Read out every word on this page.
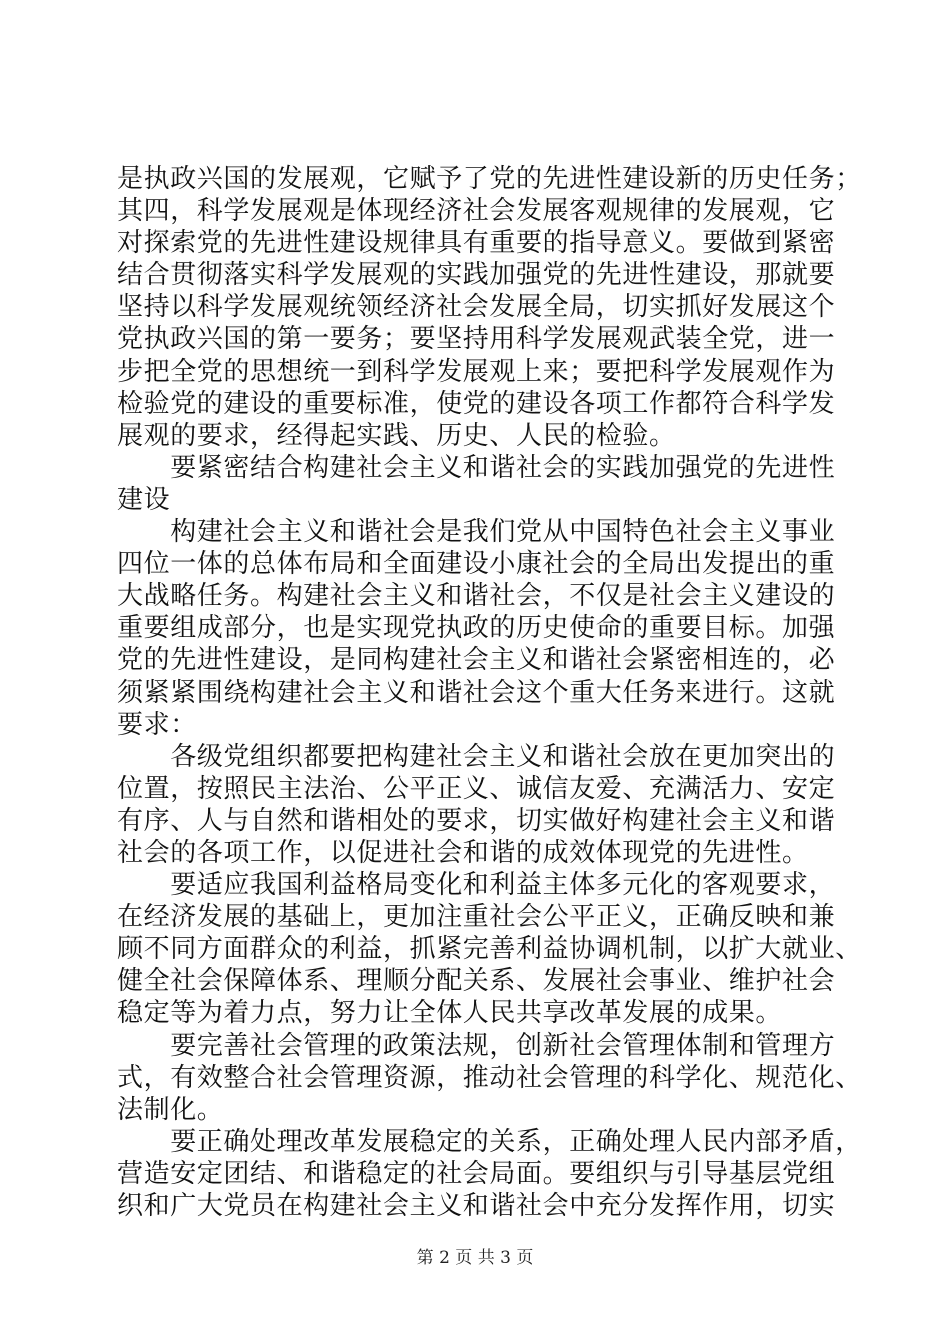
是执政兴国的发展观，它赋予了党的先进性建设新的历史任务；
其四，科学发展观是体现经济社会发展客观规律的发展观，它
对探索党的先进性建设规律具有重要的指导意义。要做到紧密
结合贯彻落实科学发展观的实践加强党的先进性建设，那就要
坚持以科学发展观统领经济社会发展全局，切实抓好发展这个
党执政兴国的第一要务；要坚持用科学发展观武装全党，进一
步把全党的思想统一到科学发展观上来；要把科学发展观作为
检验党的建设的重要标准，使党的建设各项工作都符合科学发
展观的要求，经得起实践、历史、人民的检验。
　　要紧密结合构建社会主义和谐社会的实践加强党的先进性
建设
　　构建社会主义和谐社会是我们党从中国特色社会主义事业
四位一体的总体布局和全面建设小康社会的全局出发提出的重
大战略任务。构建社会主义和谐社会，不仅是社会主义建设的
重要组成部分，也是实现党执政的历史使命的重要目标。加强
党的先进性建设，是同构建社会主义和谐社会紧密相连的，必
须紧紧围绕构建社会主义和谐社会这个重大任务来进行。这就
要求：
　　各级党组织都要把构建社会主义和谐社会放在更加突出的
位置，按照民主法治、公平正义、诚信友爱、充满活力、安定
有序、人与自然和谐相处的要求，切实做好构建社会主义和谐
社会的各项工作，以促进社会和谐的成效体现党的先进性。
　　要适应我国利益格局变化和利益主体多元化的客观要求，
在经济发展的基础上，更加注重社会公平正义，正确反映和兼
顾不同方面群众的利益，抓紧完善利益协调机制，以扩大就业、
健全社会保障体系、理顺分配关系、发展社会事业、维护社会
稳定等为着力点，努力让全体人民共享改革发展的成果。
　　要完善社会管理的政策法规，创新社会管理体制和管理方
式，有效整合社会管理资源，推动社会管理的科学化、规范化、
法制化。
　　要正确处理改革发展稳定的关系，正确处理人民内部矛盾，
营造安定团结、和谐稳定的社会局面。要组织与引导基层党组
织和广大党员在构建社会主义和谐社会中充分发挥作用，切实
第 2 页 共 3 页
